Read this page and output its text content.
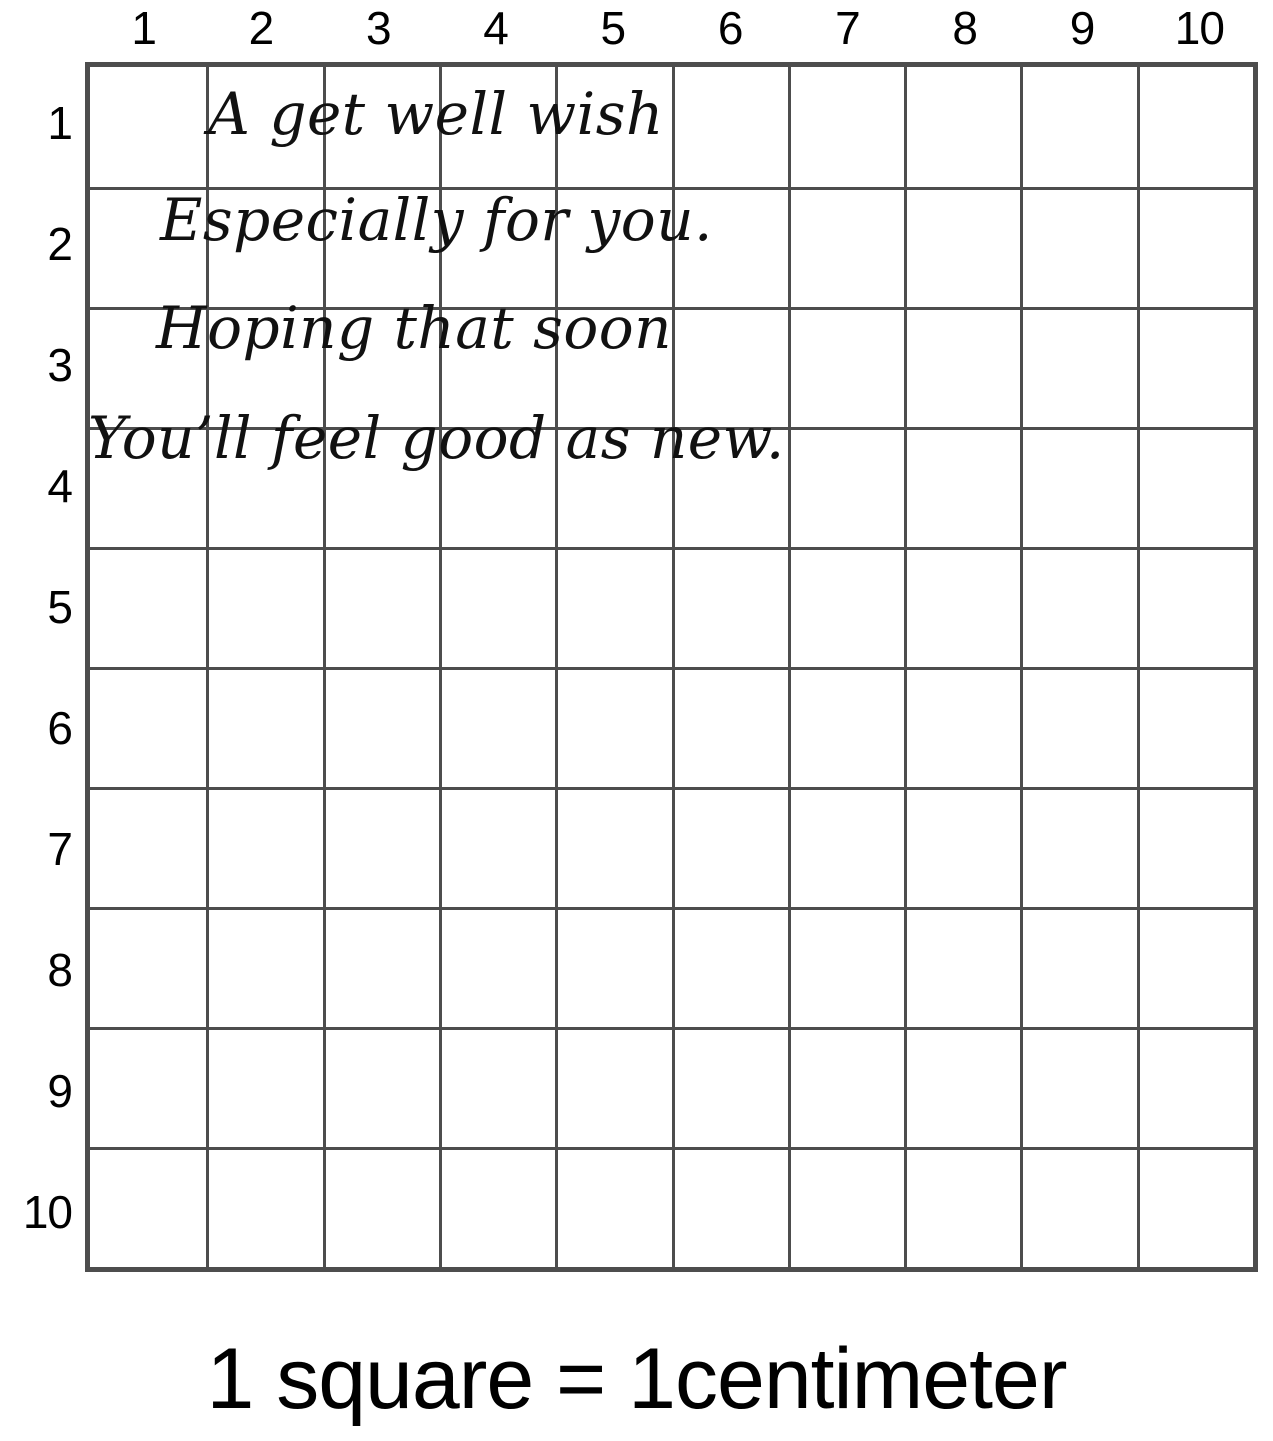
1	2	3	4	5	6	7	8	9	10
1
2
3
4
5
6
7
8
9
10
A get well wish
Especially for you.
Hoping that soon
You’ll feel good as new.
1 square = 1centimeter
